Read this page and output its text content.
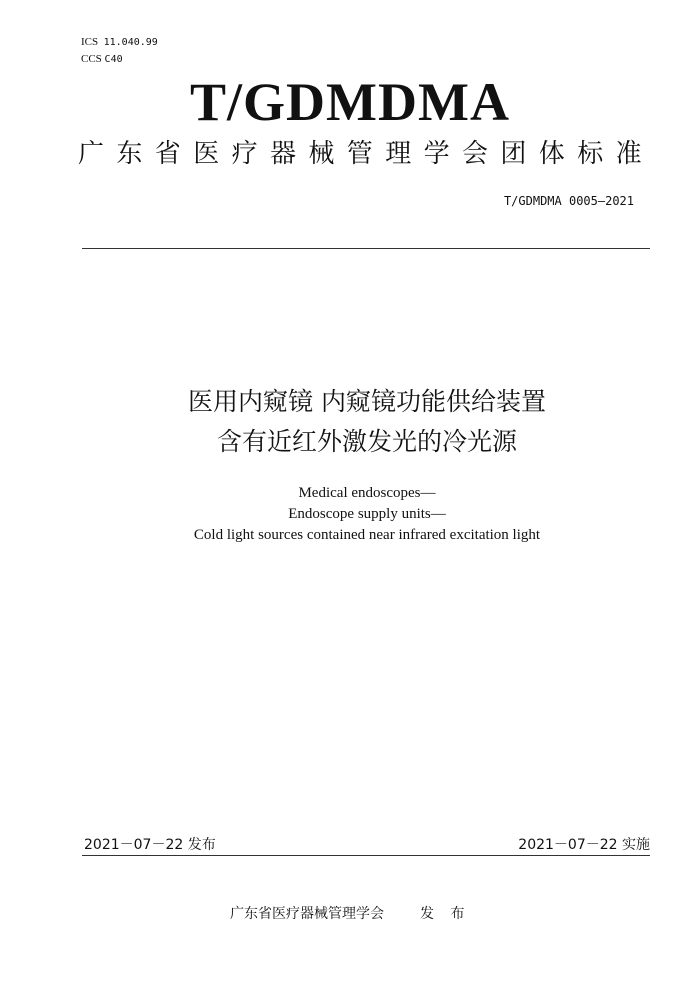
ICS 11.040.99
CCS C40
T/GDMDMA
广东省医疗器械管理学会团体标准
T/GDMDMA 0005—2021
医用内窥镜 内窥镜功能供给装置
含有近红外激发光的冷光源
Medical endoscopes—
Endoscope supply units—
Cold light sources contained near infrared excitation light
2021－07－22 发布	2021－07－22 实施
广东省医疗器械管理学会	发 布
